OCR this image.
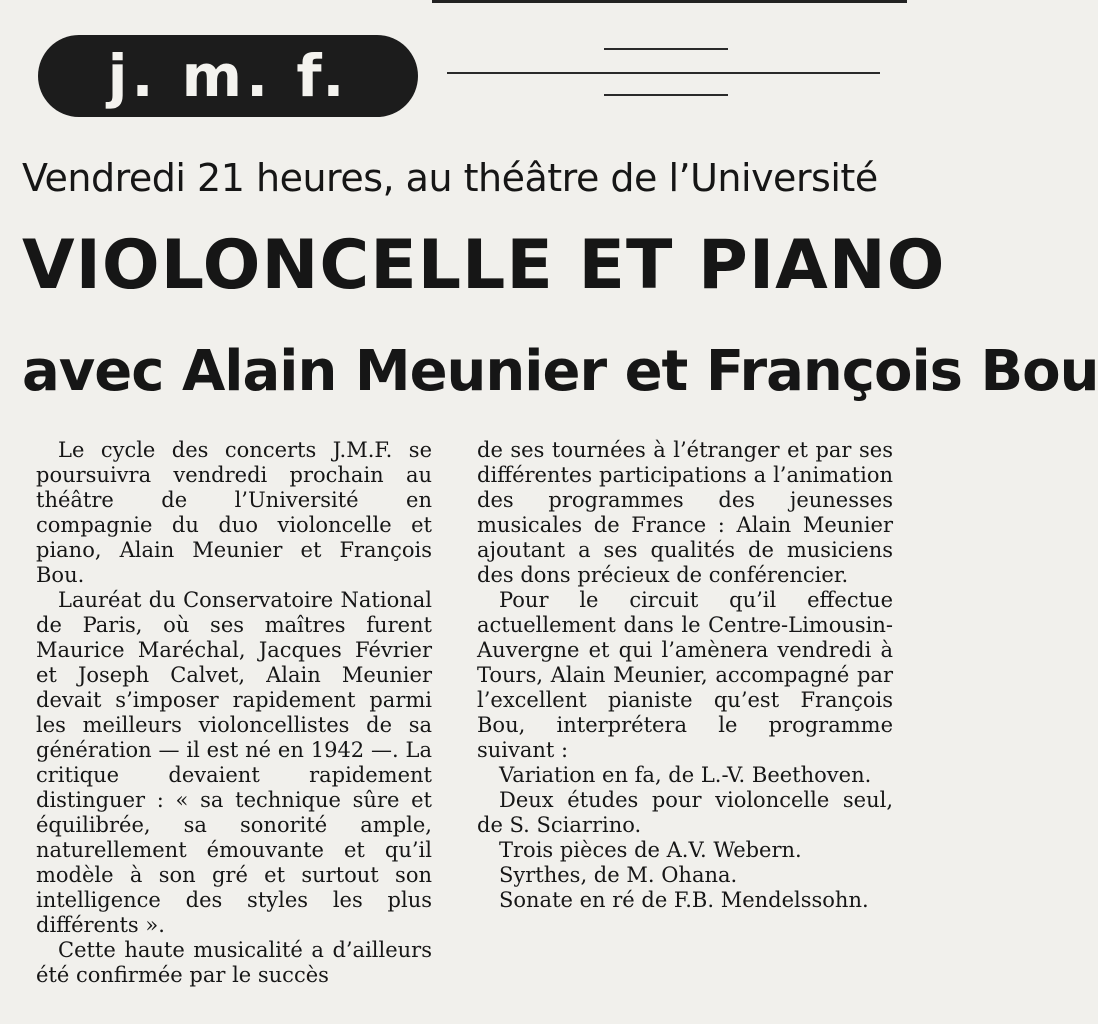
j. m. f.
Vendredi 21 heures, au théâtre de l’Université
VIOLONCELLE ET PIANO
avec Alain Meunier et François Bou

Le cycle des concerts J.M.F. se poursuivra vendredi prochain au théâtre de l’Université en compagnie du duo violoncelle et piano, Alain Meunier et François Bou.

Lauréat du Conservatoire National de Paris, où ses maîtres furent Maurice Maréchal, Jacques Février et Joseph Calvet, Alain Meunier devait s’imposer rapidement parmi les meilleurs violoncellistes de sa génération — il est né en 1942 —. La critique devaient rapidement distinguer : « sa technique sûre et équilibrée, sa sonorité ample, naturellement émouvante et qu’il modèle à son gré et surtout son intelligence des styles les plus différents ».

Cette haute musicalité a d’ailleurs été confirmée par le succès

de ses tournées à l’étranger et par ses différentes participations a l’animation des programmes des jeunesses musicales de France : Alain Meunier ajoutant a ses qualités de musiciens des dons précieux de conférencier.

Pour le circuit qu’il effectue actuellement dans le Centre-Limousin-Auvergne et qui l’amènera vendredi à Tours, Alain Meunier, accompagné par l’excellent pianiste qu’est François Bou, interprétera le programme suivant :

Variation en fa, de L.-V. Beethoven.

Deux études pour violoncelle seul, de S. Sciarrino.

Trois pièces de A.V. Webern.

Syrthes, de M. Ohana.

Sonate en ré de F.B. Mendelssohn.
